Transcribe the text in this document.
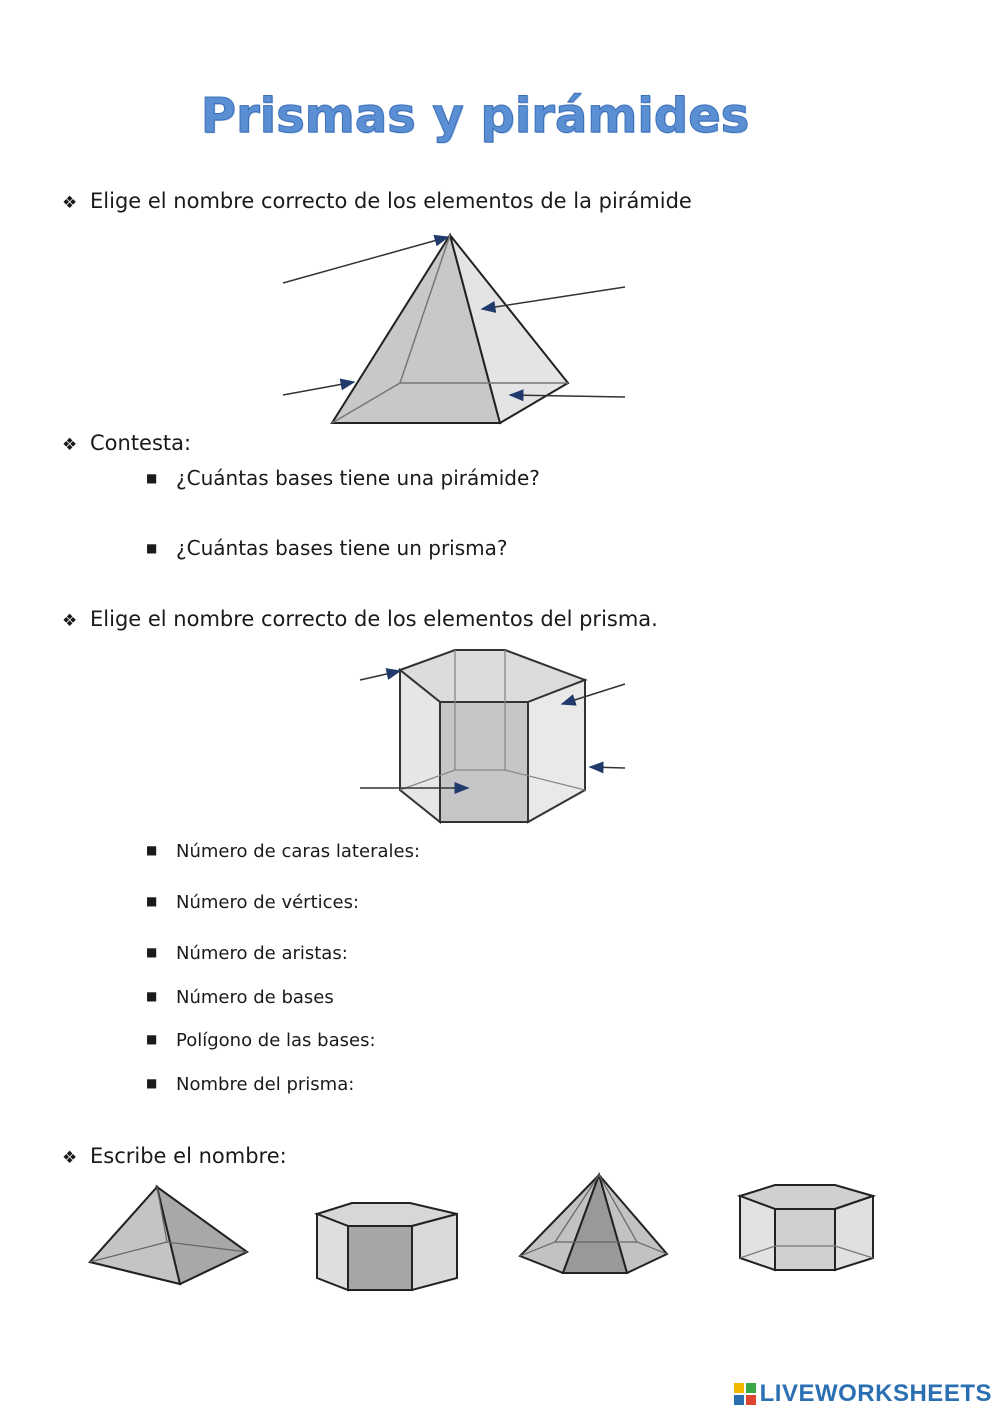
Prismas y pirámides
❖ Elige el nombre correcto de los elementos de la pirámide
❖ Contesta:
■ ¿Cuántas bases tiene una pirámide?
■ ¿Cuántas bases tiene un prisma?
❖ Elige el nombre correcto de los elementos del prisma.
■ Número de caras laterales:
■ Número de vértices:
■ Número de aristas:
■ Número de bases
■ Polígono de las bases:
■ Nombre del prisma:
❖ Escribe el nombre:
LIVEWORKSHEETS
